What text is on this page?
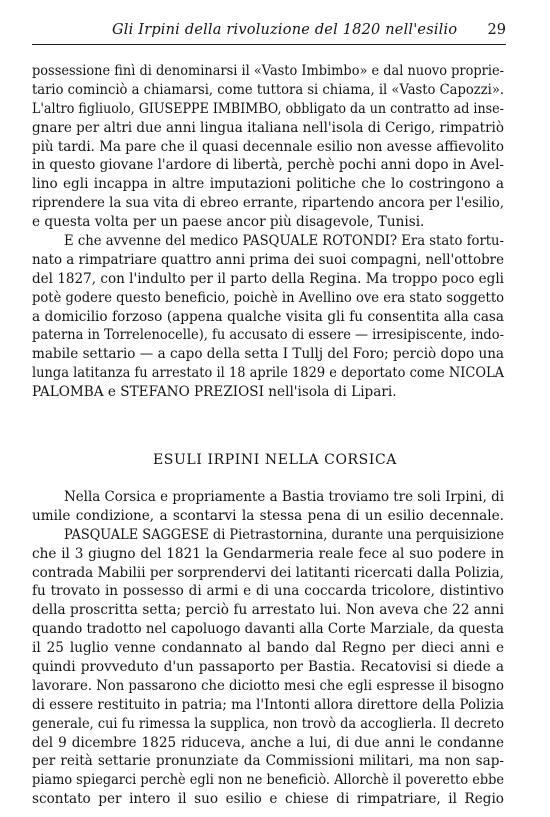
Gli Irpini della rivoluzione del 1820 nell'esilio 29
possessione finì di denominarsi il «Vasto Imbimbo» e dal nuovo proprie-
tario cominciò a chiamarsi, come tuttora si chiama, il «Vasto Capozzi».
L'altro figliuolo, GIUSEPPE IMBIMBO, obbligato da un contratto ad inse-
gnare per altri due anni lingua italiana nell'isola di Cerigo, rimpatriò
più tardi. Ma pare che il quasi decennale esilio non avesse affievolito
in questo giovane l'ardore di libertà, perchè pochi anni dopo in Avel-
lino egli incappa in altre imputazioni politiche che lo costringono a
riprendere la sua vita di ebreo errante, ripartendo ancora per l'esilio,
e questa volta per un paese ancor più disagevole, Tunisi.
E che avvenne del medico PASQUALE ROTONDI? Era stato fortu-
nato a rimpatriare quattro anni prima dei suoi compagni, nell'ottobre
del 1827, con l'indulto per il parto della Regina. Ma troppo poco egli
potè godere questo beneficio, poichè in Avellino ove era stato soggetto
a domicilio forzoso (appena qualche visita gli fu consentita alla casa
paterna in Torrelenocelle), fu accusato di essere — irresipiscente, indo-
mabile settario — a capo della setta I Tullj del Foro; perciò dopo una
lunga latitanza fu arrestato il 18 aprile 1829 e deportato come NICOLA
PALOMBA e STEFANO PREZIOSI nell'isola di Lipari.
ESULI IRPINI NELLA CORSICA
Nella Corsica e propriamente a Bastia troviamo tre soli Irpini, di
umile condizione, a scontarvi la stessa pena di un esilio decennale.
PASQUALE SAGGESE di Pietrastornina, durante una perquisizione
che il 3 giugno del 1821 la Gendarmeria reale fece al suo podere in
contrada Mabilii per sorprendervi dei latitanti ricercati dalla Polizia,
fu trovato in possesso di armi e di una coccarda tricolore, distintivo
della proscritta setta; perciò fu arrestato lui. Non aveva che 22 anni
quando tradotto nel capoluogo davanti alla Corte Marziale, da questa
il 25 luglio venne condannato al bando dal Regno per dieci anni e
quindi provveduto d'un passaporto per Bastia. Recatovisi si diede a
lavorare. Non passarono che diciotto mesi che egli espresse il bisogno
di essere restituito in patria; ma l'Intonti allora direttore della Polizia
generale, cui fu rimessa la supplica, non trovò da accoglierla. Il decreto
del 9 dicembre 1825 riduceva, anche a lui, di due anni le condanne
per reità settarie pronunziate da Commissioni militari, ma non sap-
piamo spiegarci perchè egli non ne beneficiò. Allorchè il poveretto ebbe
scontato per intero il suo esilio e chiese di rimpatriare, il Regio
